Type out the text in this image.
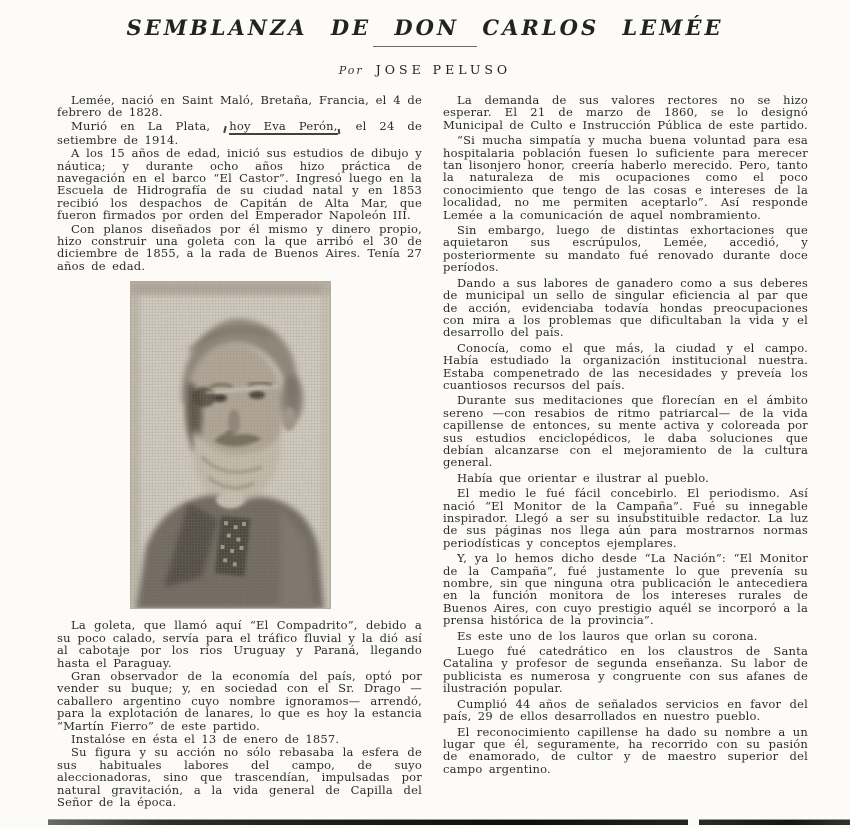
SEMBLANZA DE DON CARLOS LEMÉE
Por JOSE PELUSO

Lemée, nació en Saint Maló, Bretaña, Francia, el 4 de febrero de 1828.

Murió en La Plata, hoy Eva Perón, el 24 de setiembre de 1914.

A los 15 años de edad, inició sus estudios de dibujo y náutica; y durante ocho años hizo práctica de navegación en el barco “El Castor”. Ingresó luego en la Escuela de Hidrografía de su ciudad natal y en 1853 recibió los despachos de Capitán de Alta Mar, que fueron firmados por orden del Emperador Napoleón III.

Con planos diseñados por él mismo y dinero propio, hizo construir una goleta con la que arribó el 30 de diciembre de 1855, a la rada de Buenos Aires. Tenía 27 años de edad.

La goleta, que llamó aquí “El Compadrito”, debido a su poco calado, servía para el tráfico fluvial y la dió así al cabotaje por los ríos Uruguay y Paraná, llegando hasta el Paraguay.

Gran observador de la economía del país, optó por vender su buque; y, en sociedad con el Sr. Drago —caballero argentino cuyo nombre ignoramos— arrendó, para la explotación de lanares, lo que es hoy la estancia “Martín Fierro” de este partido.

Instalóse en ésta el 13 de enero de 1857.

Su figura y su acción no sólo rebasaba la esfera de sus habituales labores del campo, de suyo aleccionadoras, sino que trascendían, impulsadas por natural gravitación, a la vida general de Capilla del Señor de la época.

La demanda de sus valores rectores no se hizo esperar. El 21 de marzo de 1860, se lo designó Municipal de Culto e Instrucción Pública de este partido.

“Si mucha simpatía y mucha buena voluntad para esa hospitalaria población fuesen lo suficiente para merecer tan lisonjero honor, creería haberlo merecido. Pero, tanto la naturaleza de mis ocupaciones como el poco conocimiento que tengo de las cosas e intereses de la localidad, no me permiten aceptarlo”. Así responde Lemée a la comunicación de aquel nombramiento.

Sin embargo, luego de distintas exhortaciones que aquietaron sus escrúpulos, Lemée, accedió, y posteriormente su mandato fué renovado durante doce períodos.

Dando a sus labores de ganadero como a sus deberes de municipal un sello de singular eficiencia al par que de acción, evidenciaba todavía hondas preocupaciones con mira a los problemas que dificultaban la vida y el desarrollo del país.

Conocía, como el que más, la ciudad y el campo. Había estudiado la organización institucional nuestra. Estaba compenetrado de las necesidades y preveía los cuantiosos recursos del país.

Durante sus meditaciones que florecían en el ámbito sereno —con resabios de ritmo patriarcal— de la vida capillense de entonces, su mente activa y coloreada por sus estudios enciclopédicos, le daba soluciones que debían alcanzarse con el mejoramiento de la cultura general.

Había que orientar e ilustrar al pueblo.

El medio le fué fácil concebirlo. El periodismo. Así nació “El Monitor de la Campaña”. Fué su innegable inspirador. Llegó a ser su insubstituible redactor. La luz de sus páginas nos llega aún para mostrarnos normas periodísticas y conceptos ejemplares.

Y, ya lo hemos dicho desde “La Nación”: “El Monitor de la Campaña”, fué justamente lo que prevenía su nombre, sin que ninguna otra publicación le antecediera en la función monitora de los intereses rurales de Buenos Aires, con cuyo prestigio aquél se incorporó a la prensa histórica de la provincia”.

Es este uno de los lauros que orlan su corona.

Luego fué catedrático en los claustros de Santa Catalina y profesor de segunda enseñanza. Su labor de publicista es numerosa y congruente con sus afanes de ilustración popular.

Cumplió 44 años de señalados servicios en favor del país, 29 de ellos desarrollados en nuestro pueblo.

El reconocimiento capillense ha dado su nombre a un lugar que él, seguramente, ha recorrido con su pasión de enamorado, de cultor y de maestro superior del campo argentino.
